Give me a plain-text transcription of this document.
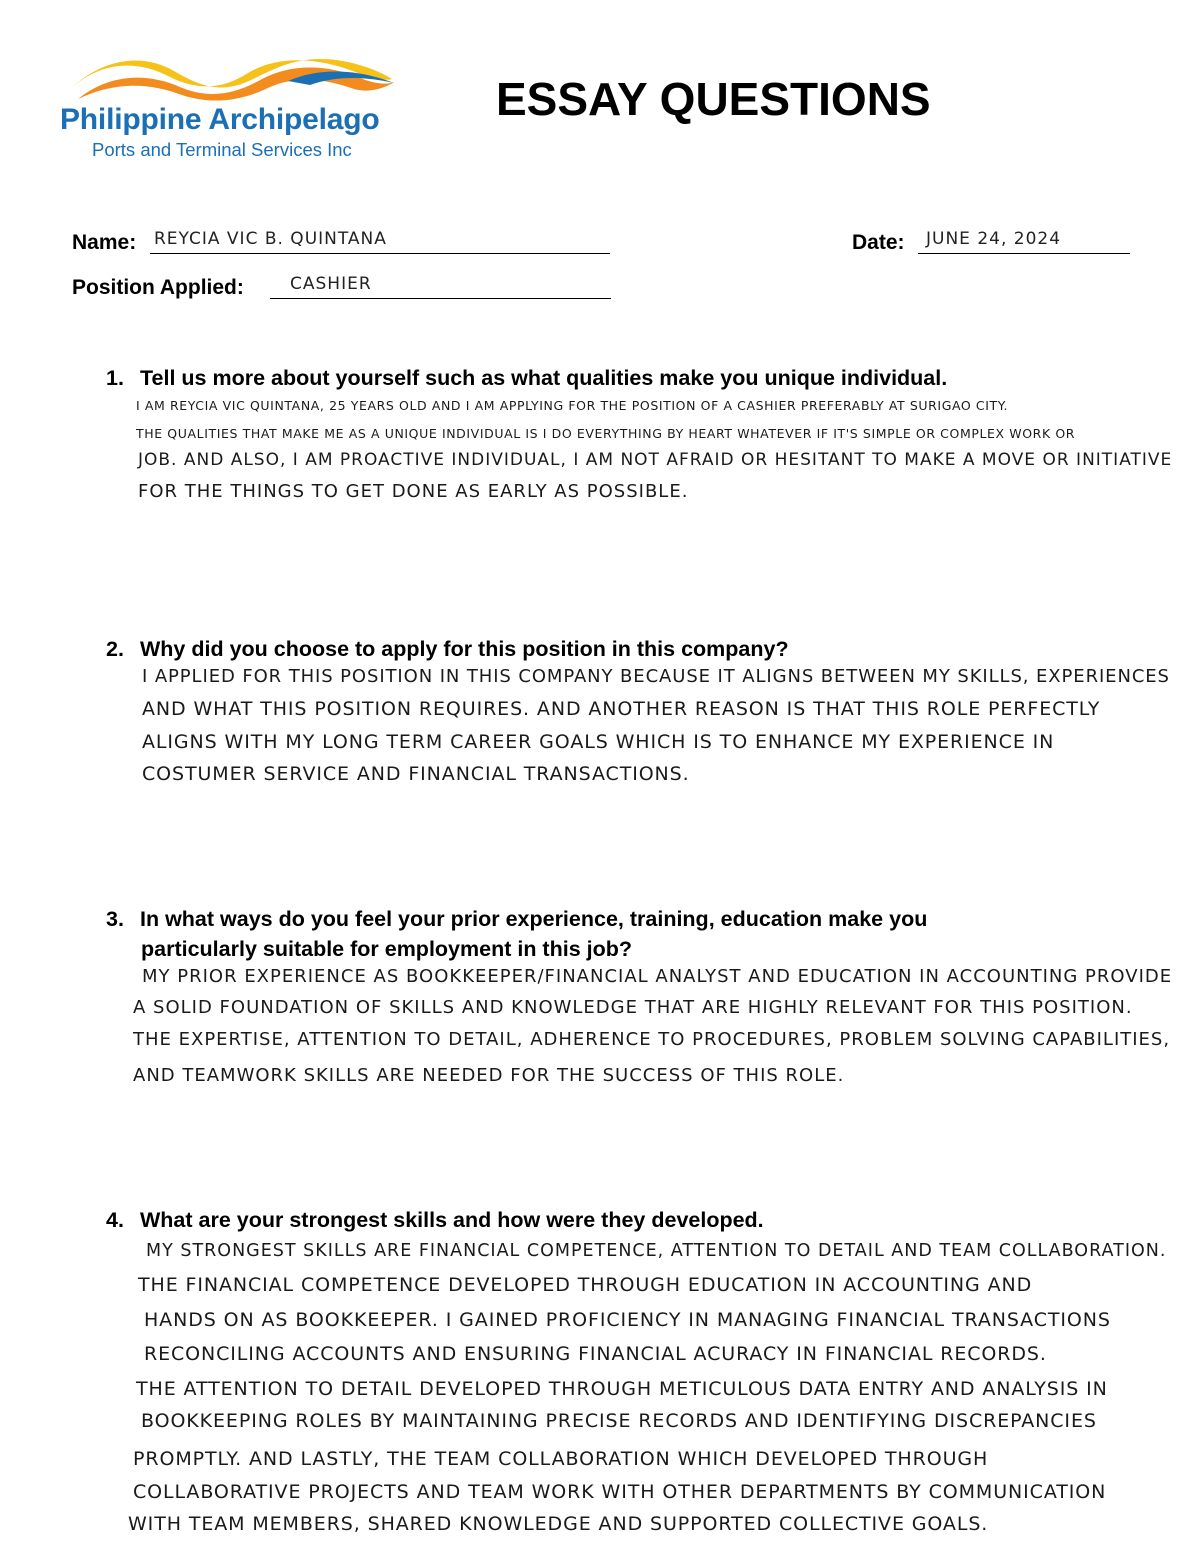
Philippine Archipelago
Ports and Terminal Services Inc
ESSAY QUESTIONS
Name: REYCIA VIC B. QUINTANA	Date: JUNE 24, 2024
Position Applied:	CASHIER
1. Tell us more about yourself such as what qualities make you unique individual.
I AM REYCIA VIC QUINTANA, 25 YEARS OLD AND I AM APPLYING FOR THE POSITION OF A CASHIER PREFERABLY AT SURIGAO CITY.
THE QUALITIES THAT MAKE ME AS A UNIQUE INDIVIDUAL IS I DO EVERYTHING BY HEART WHATEVER IF IT'S SIMPLE OR COMPLEX WORK OR
JOB. AND ALSO, I AM PROACTIVE INDIVIDUAL, I AM NOT AFRAID OR HESITANT TO MAKE A MOVE OR INITIATIVE
FOR THE THINGS TO GET DONE AS EARLY AS POSSIBLE.
2. Why did you choose to apply for this position in this company?
I APPLIED FOR THIS POSITION IN THIS COMPANY BECAUSE IT ALIGNS BETWEEN MY SKILLS, EXPERIENCES
AND WHAT THIS POSITION REQUIRES. AND ANOTHER REASON IS THAT THIS ROLE PERFECTLY
ALIGNS WITH MY LONG TERM CAREER GOALS WHICH IS TO ENHANCE MY EXPERIENCE IN
COSTUMER SERVICE AND FINANCIAL TRANSACTIONS.
3. In what ways do you feel your prior experience, training, education make you
particularly suitable for employment in this job?
MY PRIOR EXPERIENCE AS BOOKKEEPER/FINANCIAL ANALYST AND EDUCATION IN ACCOUNTING PROVIDE
A SOLID FOUNDATION OF SKILLS AND KNOWLEDGE THAT ARE HIGHLY RELEVANT FOR THIS POSITION.
THE EXPERTISE, ATTENTION TO DETAIL, ADHERENCE TO PROCEDURES, PROBLEM SOLVING CAPABILITIES,
AND TEAMWORK SKILLS ARE NEEDED FOR THE SUCCESS OF THIS ROLE.
4. What are your strongest skills and how were they developed.
MY STRONGEST SKILLS ARE FINANCIAL COMPETENCE, ATTENTION TO DETAIL AND TEAM COLLABORATION.
THE FINANCIAL COMPETENCE DEVELOPED THROUGH EDUCATION IN ACCOUNTING AND
HANDS ON AS BOOKKEEPER. I GAINED PROFICIENCY IN MANAGING FINANCIAL TRANSACTIONS
RECONCILING ACCOUNTS AND ENSURING FINANCIAL ACURACY IN FINANCIAL RECORDS.
THE ATTENTION TO DETAIL DEVELOPED THROUGH METICULOUS DATA ENTRY AND ANALYSIS IN
BOOKKEEPING ROLES BY MAINTAINING PRECISE RECORDS AND IDENTIFYING DISCREPANCIES
PROMPTLY. AND LASTLY, THE TEAM COLLABORATION WHICH DEVELOPED THROUGH
COLLABORATIVE PROJECTS AND TEAM WORK WITH OTHER DEPARTMENTS BY COMMUNICATION
WITH TEAM MEMBERS, SHARED KNOWLEDGE AND SUPPORTED COLLECTIVE GOALS.
